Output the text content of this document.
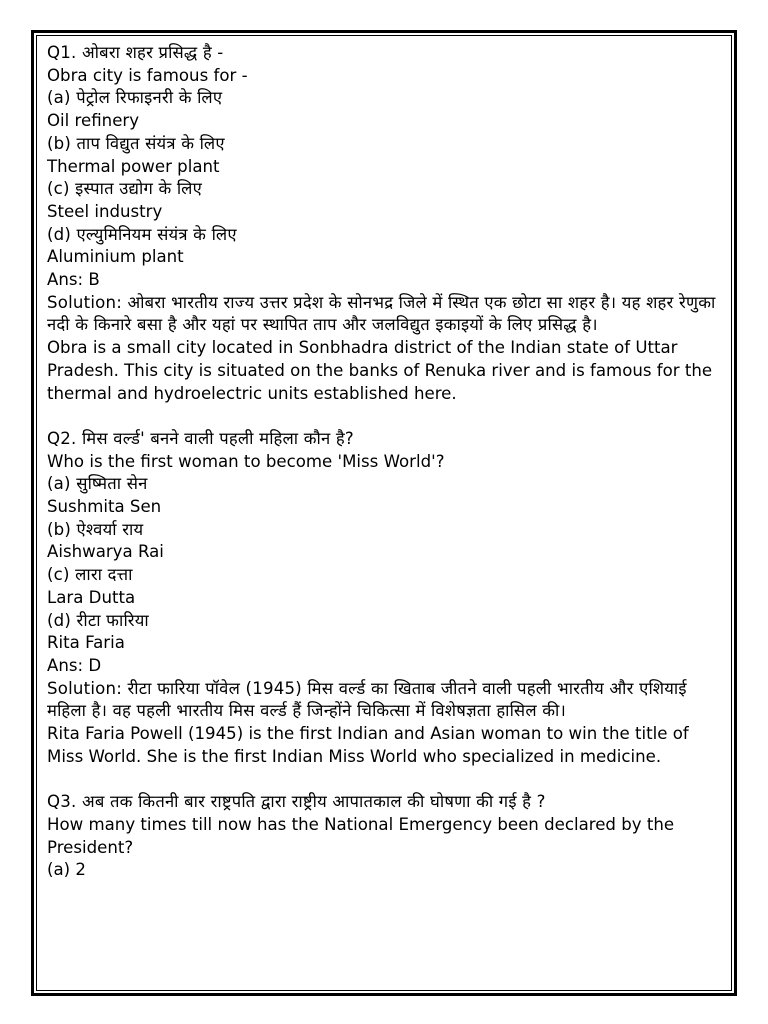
Q1. ओबरा शहर प्रसिद्ध है -
Obra city is famous for -
(a) पेट्रोल रिफाइनरी के लिए
Oil refinery
(b) ताप विद्युत संयंत्र के लिए
Thermal power plant
(c) इस्पात उद्योग के लिए
Steel industry
(d) एल्युमिनियम संयंत्र के लिए
Aluminium plant
Ans: B
Solution: ओबरा भारतीय राज्य उत्तर प्रदेश के सोनभद्र जिले में स्थित एक छोटा सा शहर है। यह शहर रेणुका नदी के किनारे बसा है और यहां पर स्थापित ताप और जलविद्युत इकाइयों के लिए प्रसिद्ध है।
Obra is a small city located in Sonbhadra district of the Indian state of Uttar Pradesh. This city is situated on the banks of Renuka river and is famous for the thermal and hydroelectric units established here.
Q2. मिस वर्ल्ड' बनने वाली पहली महिला कौन है?
Who is the first woman to become 'Miss World'?
(a) सुष्मिता सेन
Sushmita Sen
(b) ऐश्वर्या राय
Aishwarya Rai
(c) लारा दत्ता
Lara Dutta
(d) रीटा फारिया
Rita Faria
Ans: D
Solution: रीटा फारिया पॉवेल (1945) मिस वर्ल्ड का खिताब जीतने वाली पहली भारतीय और एशियाई महिला है। वह पहली भारतीय मिस वर्ल्ड हैं जिन्होंने चिकित्सा में विशेषज्ञता हासिल की।
Rita Faria Powell (1945) is the first Indian and Asian woman to win the title of Miss World. She is the first Indian Miss World who specialized in medicine.
Q3. अब तक कितनी बार राष्ट्रपति द्वारा राष्ट्रीय आपातकाल की घोषणा की गई है ?
How many times till now has the National Emergency been declared by the President?
(a) 2
